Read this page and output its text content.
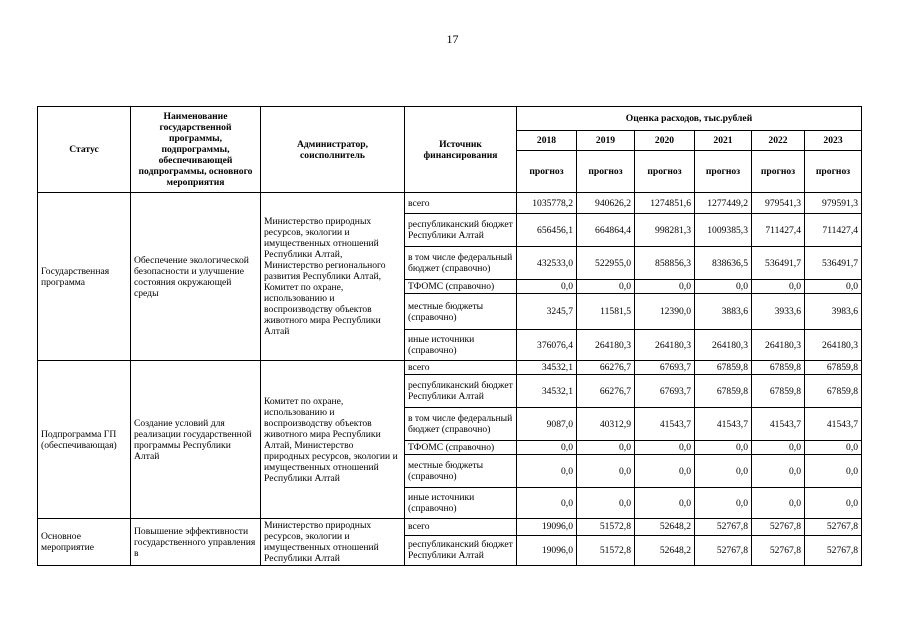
17
Статус	Наименование государственной программы, подпрограммы, обеспечивающей подпрограммы, основного мероприятия	Администратор, соисполнитель	Источник финансирования	Оценка расходов, тыс.рублей					
				2018	2019	2020	2021	2022	2023
				прогноз	прогноз	прогноз	прогноз	прогноз	прогноз
Государственная программа	Обеспечение экологической безопасности и улучшение состояния окружающей среды	Министерство природных ресурсов, экологии и имущественных отношений Республики Алтай, Министерство регионального развития Республики Алтай, Комитет по охране, использованию и воспроизводству объектов животного мира Республики Алтай	всего	1035778,2	940626,2	1274851,6	1277449,2	979541,3	979591,3
			республиканский бюджет Республики Алтай	656456,1	664864,4	998281,3	1009385,3	711427,4	711427,4
			в том числе федеральный бюджет (справочно)	432533,0	522955,0	858856,3	838636,5	536491,7	536491,7
			ТФОМС (справочно)	0,0	0,0	0,0	0,0	0,0	0,0
			местные бюджеты (справочно)	3245,7	11581,5	12390,0	3883,6	3933,6	3983,6
			иные источники (справочно)	376076,4	264180,3	264180,3	264180,3	264180,3	264180,3
Подпрограмма ГП (обеспечивающая)	Создание условий для реализации государственной программы Республики Алтай	Комитет по охране, использованию и воспроизводству объектов животного мира Республики Алтай, Министерство природных ресурсов, экологии и имущественных отношений Республики Алтай	всего	34532,1	66276,7	67693,7	67859,8	67859,8	67859,8
			республиканский бюджет Республики Алтай	34532,1	66276,7	67693,7	67859,8	67859,8	67859,8
			в том числе федеральный бюджет (справочно)	9087,0	40312,9	41543,7	41543,7	41543,7	41543,7
			ТФОМС (справочно)	0,0	0,0	0,0	0,0	0,0	0,0
			местные бюджеты (справочно)	0,0	0,0	0,0	0,0	0,0	0,0
			иные источники (справочно)	0,0	0,0	0,0	0,0	0,0	0,0
Основное мероприятие	Повышение эффективности государственного управления в	Министерство природных ресурсов, экологии и имущественных отношений Республики Алтай	всего	19096,0	51572,8	52648,2	52767,8	52767,8	52767,8
			республиканский бюджет Республики Алтай	19096,0	51572,8	52648,2	52767,8	52767,8	52767,8
